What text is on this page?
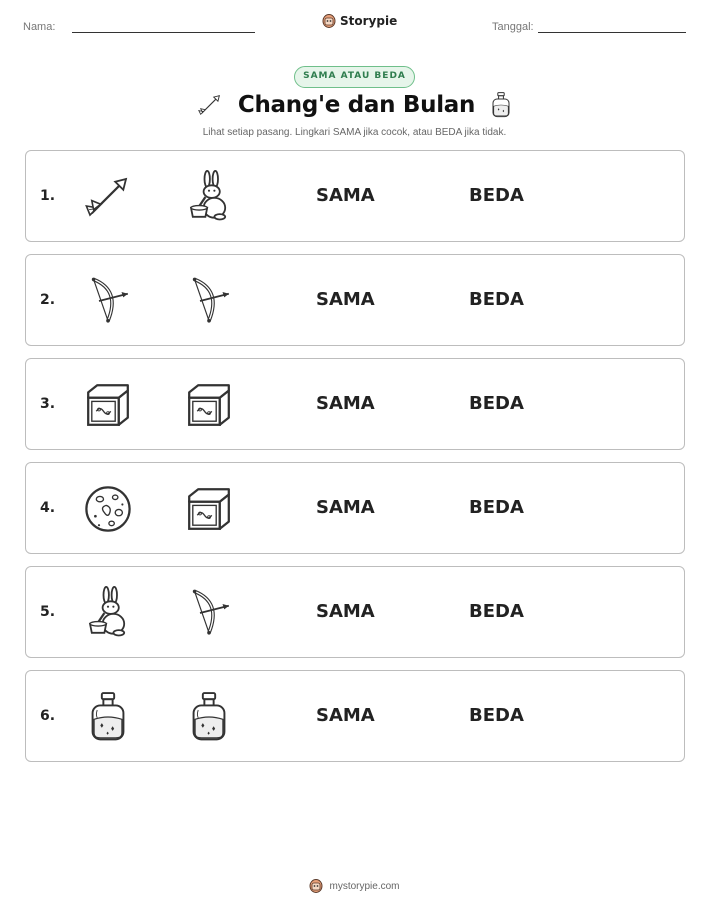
Nama:	Storypie	Tanggal:
SAMA ATAU BEDA
Chang'e dan Bulan
Lihat setiap pasang. Lingkari SAMA jika cocok, atau BEDA jika tidak.
1.	SAMA	BEDA
2.	SAMA	BEDA
3.	SAMA	BEDA
4.	SAMA	BEDA
5.	SAMA	BEDA
6.	SAMA	BEDA
mystorypie.com
